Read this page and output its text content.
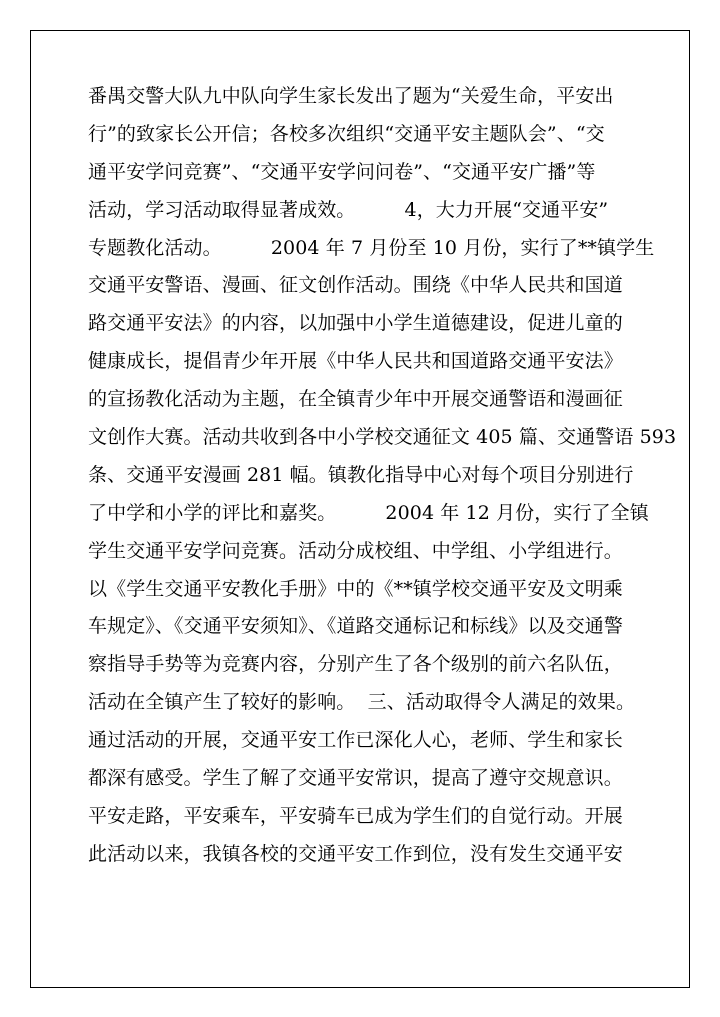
番禺交警大队九中队向学生家长发出了题为“关爱生命，平安出
行”的致家长公开信；各校多次组织“交通平安主题队会”、“交
通平安学问竞赛”、“交通平安学问问卷”、“交通平安广播”等
活动，学习活动取得显著成效。        4，大力开展“交通平安”
专题教化活动。        2004 年 7 月份至 10 月份，实行了**镇学生
交通平安警语、漫画、征文创作活动。围绕《中华人民共和国道
路交通平安法》的内容，以加强中小学生道德建设，促进儿童的
健康成长，提倡青少年开展《中华人民共和国道路交通平安法》
的宣扬教化活动为主题，在全镇青少年中开展交通警语和漫画征
文创作大赛。活动共收到各中小学校交通征文 405 篇、交通警语 593
条、交通平安漫画 281 幅。镇教化指导中心对每个项目分别进行
了中学和小学的评比和嘉奖。        2004 年 12 月份，实行了全镇
学生交通平安学问竞赛。活动分成校组、中学组、小学组进行。
以《学生交通平安教化手册》中的《**镇学校交通平安及文明乘
车规定》、《交通平安须知》、《道路交通标记和标线》以及交通警
察指导手势等为竞赛内容，分别产生了各个级别的前六名队伍，
活动在全镇产生了较好的影响。  三、活动取得令人满足的效果。
通过活动的开展，交通平安工作已深化人心，老师、学生和家长
都深有感受。学生了解了交通平安常识，提高了遵守交规意识。
平安走路，平安乘车，平安骑车已成为学生们的自觉行动。开展
此活动以来，我镇各校的交通平安工作到位，没有发生交通平安
